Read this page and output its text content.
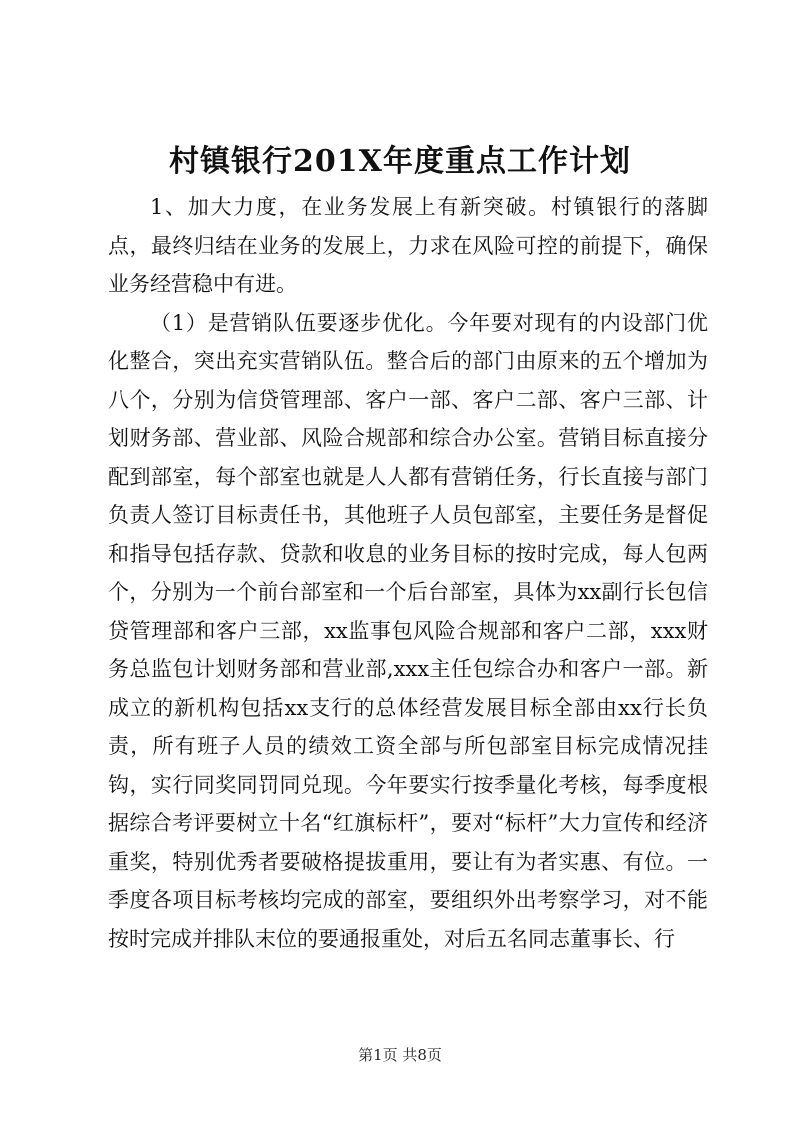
村镇银行201X年度重点工作计划

1、加大力度，在业务发展上有新突破。村镇银行的落脚点，最终归结在业务的发展上，力求在风险可控的前提下，确保业务经营稳中有进。

（1）是营销队伍要逐步优化。今年要对现有的内设部门优化整合，突出充实营销队伍。整合后的部门由原来的五个增加为八个，分别为信贷管理部、客户一部、客户二部、客户三部、计划财务部、营业部、风险合规部和综合办公室。营销目标直接分配到部室，每个部室也就是人人都有营销任务，行长直接与部门负责人签订目标责任书，其他班子人员包部室，主要任务是督促和指导包括存款、贷款和收息的业务目标的按时完成，每人包两个，分别为一个前台部室和一个后台部室，具体为xx副行长包信贷管理部和客户三部，xx监事包风险合规部和客户二部，xxx财务总监包计划财务部和营业部,xxx主任包综合办和客户一部。新成立的新机构包括xx支行的总体经营发展目标全部由xx行长负责，所有班子人员的绩效工资全部与所包部室目标完成情况挂钩，实行同奖同罚同兑现。今年要实行按季量化考核，每季度根据综合考评要树立十名“红旗标杆”，要对“标杆”大力宣传和经济重奖，特别优秀者要破格提拔重用，要让有为者实惠、有位。一季度各项目标考核均完成的部室，要组织外出考察学习，对不能按时完成并排队末位的要通报重处，对后五名同志董事长、行

第1页 共8页
